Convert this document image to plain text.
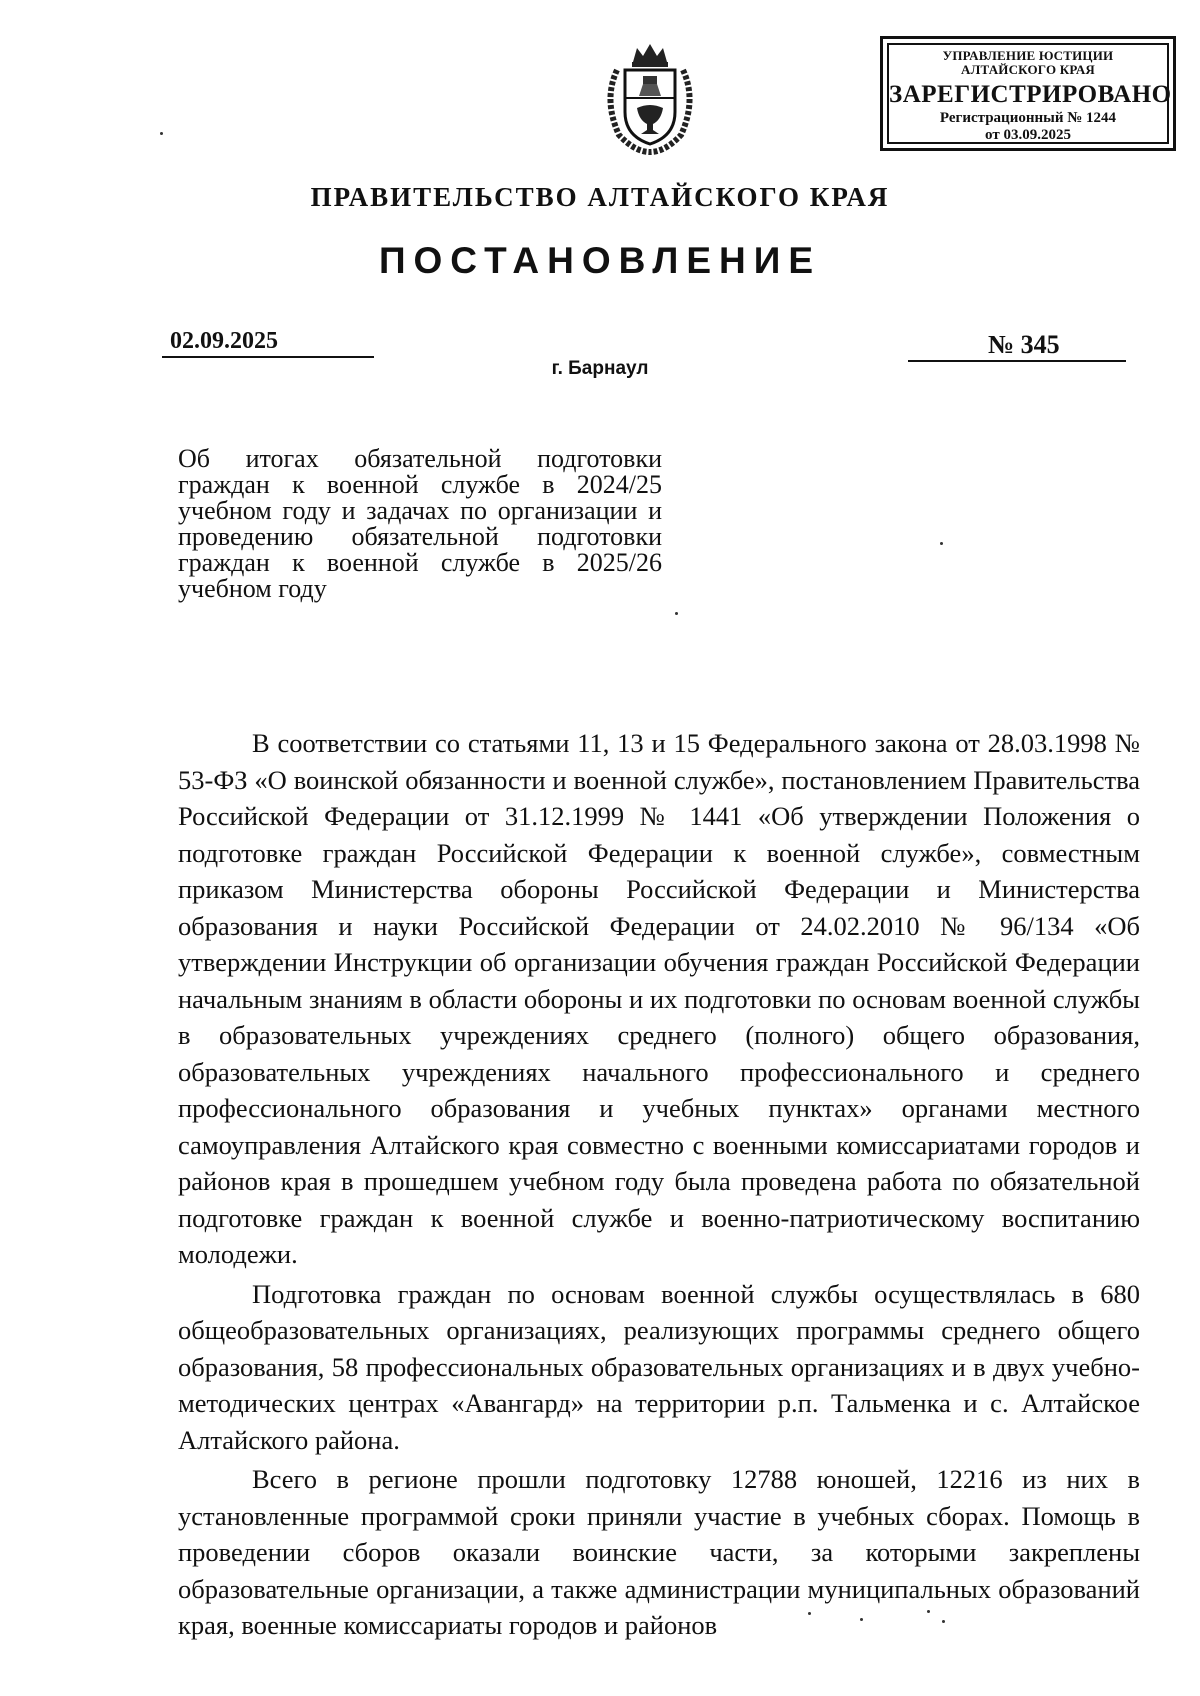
УПРАВЛЕНИЕ ЮСТИЦИИ
АЛТАЙСКОГО КРАЯ
ЗАРЕГИСТРИРОВАНО
Регистрационный № 1244
от 03.09.2025
ПРАВИТЕЛЬСТВО АЛТАЙСКОГО КРАЯ
ПОСТАНОВЛЕНИЕ
02.09.2025	№ 345
г. Барнаул
Об итогах обязательной подготовки граждан к военной службе в 2024/25 учебном году и задачах по организации и проведению обязательной подготовки граждан к военной службе в 2025/26 учебном году

В соответствии со статьями 11, 13 и 15 Федерального закона от 28.03.1998 № 53-ФЗ «О воинской обязанности и военной службе», постановлением Правительства Российской Федерации от 31.12.1999 № 1441 «Об утверждении Положения о подготовке граждан Российской Федерации к военной службе», совместным приказом Министерства обороны Российской Федерации и Министерства образования и науки Российской Федерации от 24.02.2010 № 96/134 «Об утверждении Инструкции об организации обучения граждан Российской Федерации начальным знаниям в области обороны и их подготовки по основам военной службы в образовательных учреждениях среднего (полного) общего образования, образовательных учреждениях начального профессионального и среднего профессионального образования и учебных пунктах» органами местного самоуправления Алтайского края совместно с военными комиссариатами городов и районов края в прошедшем учебном году была проведена работа по обязательной подготовке граждан к военной службе и военно-патриотическому воспитанию молодежи.

Подготовка граждан по основам военной службы осуществлялась в 680 общеобразовательных организациях, реализующих программы среднего общего образования, 58 профессиональных образовательных организациях и в двух учебно-методических центрах «Авангард» на территории р.п. Тальменка и с. Алтайское Алтайского района.

Всего в регионе прошли подготовку 12788 юношей, 12216 из них в установленные программой сроки приняли участие в учебных сборах. Помощь в проведении сборов оказали воинские части, за которыми закреплены образовательные организации, а также администрации муниципальных образований края, военные комиссариаты городов и районов
